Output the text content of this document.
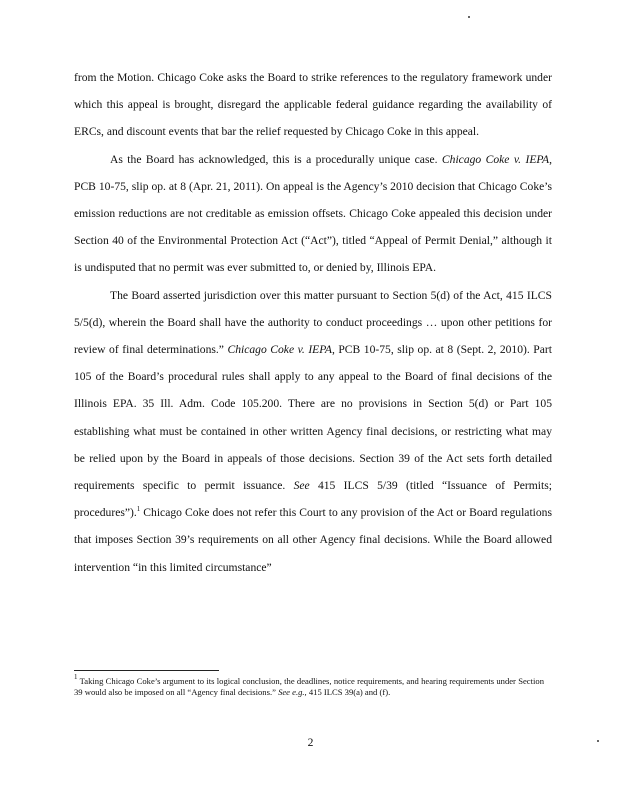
from the Motion. Chicago Coke asks the Board to strike references to the regulatory framework under which this appeal is brought, disregard the applicable federal guidance regarding the availability of ERCs, and discount events that bar the relief requested by Chicago Coke in this appeal.

As the Board has acknowledged, this is a procedurally unique case. Chicago Coke v. IEPA, PCB 10-75, slip op. at 8 (Apr. 21, 2011). On appeal is the Agency’s 2010 decision that Chicago Coke’s emission reductions are not creditable as emission offsets. Chicago Coke appealed this decision under Section 40 of the Environmental Protection Act (“Act”), titled “Appeal of Permit Denial,” although it is undisputed that no permit was ever submitted to, or denied by, Illinois EPA.

The Board asserted jurisdiction over this matter pursuant to Section 5(d) of the Act, 415 ILCS 5/5(d), wherein the Board shall have the authority to conduct proceedings … upon other petitions for review of final determinations.” Chicago Coke v. IEPA, PCB 10-75, slip op. at 8 (Sept. 2, 2010). Part 105 of the Board’s procedural rules shall apply to any appeal to the Board of final decisions of the Illinois EPA. 35 Ill. Adm. Code 105.200. There are no provisions in Section 5(d) or Part 105 establishing what must be contained in other written Agency final decisions, or restricting what may be relied upon by the Board in appeals of those decisions. Section 39 of the Act sets forth detailed requirements specific to permit issuance. See 415 ILCS 5/39 (titled “Issuance of Permits; procedures”).$^1$ Chicago Coke does not refer this Court to any provision of the Act or Board regulations that imposes Section 39’s requirements on all other Agency final decisions. While the Board allowed intervention “in this limited circumstance”

$^1$ Taking Chicago Coke’s argument to its logical conclusion, the deadlines, notice requirements, and hearing requirements under Section 39 would also be imposed on all “Agency final decisions.” See e.g., 415 ILCS 39(a) and (f).
2
